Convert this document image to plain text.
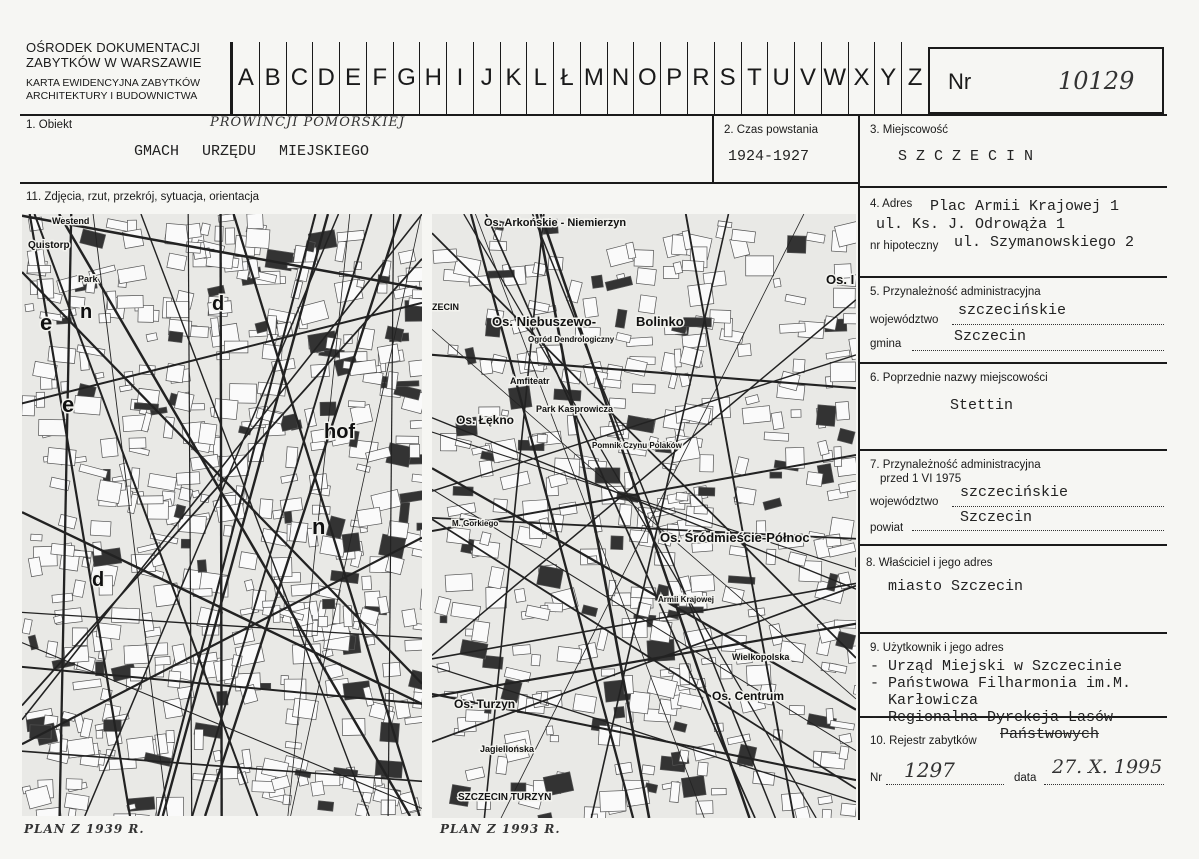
OŚRODEK DOKUMENTACJI
ZABYTKÓW W WARSZAWIE
KARTA EWIDENCYJNA ZABYTKÓW
ARCHITEKTURY I BUDOWNICTWA
A B C D E F G H I J K L Ł M N O P R S T U V W X Y Z Nr	10129
1. Obiekt	PROWINCJI POMORSKIEJ
GMACH URZĘDU MIEJSKIEGO
2. Czas powstania
1924-1927
3. Miejscowość
S Z C Z E C I N
11. Zdjęcia, rzut, przekrój, sytuacja, orientacja
4. Adres Plac Armii Krajowej 1
ul. Ks. J. Odrowąża 1
nr hipoteczny ul. Szymanowskiego 2
5. Przynależność administracyjna
województwo
szczecińskie
gmina	Szczecin
6. Poprzednie nazwy miejscowości
Stettin
7. Przynależność administracyjna
przed 1 VI 1975
województwo
szczecińskie
powiat
Szczecin
8. Właściciel i jego adres
miasto Szczecin
9. Użytkownik i jego adres
- Urząd Miejski w Szczecinie
- Państwowa Filharmonia im.M.
Karłowicza
- Regionalna Dyrekcja Lasów
Państwowych
10. Rejestr zabytków
Nr 1297	data 27. X. 1995
Westend
Quistorp
Park
e n	d
hof
e
n
d
Os. Arkońskie - Niemierzyn
Os. Niebuszewo-	Bolinko
Ogród Dendrologiczny
Os. Łękno
Park Kasprowicza
Amfiteatr
Os. Śródmieście-Północ
Os. Centrum
Os. Turzyn
SZCZECIN TURZYN
Os. I
Pomnik Czynu Polaków
M. Gorkiego
Armii Krajowej
ZECIN
Jagiellońska
Wielkopolska
PLAN Z 1939 R.	PLAN Z 1993 R.
